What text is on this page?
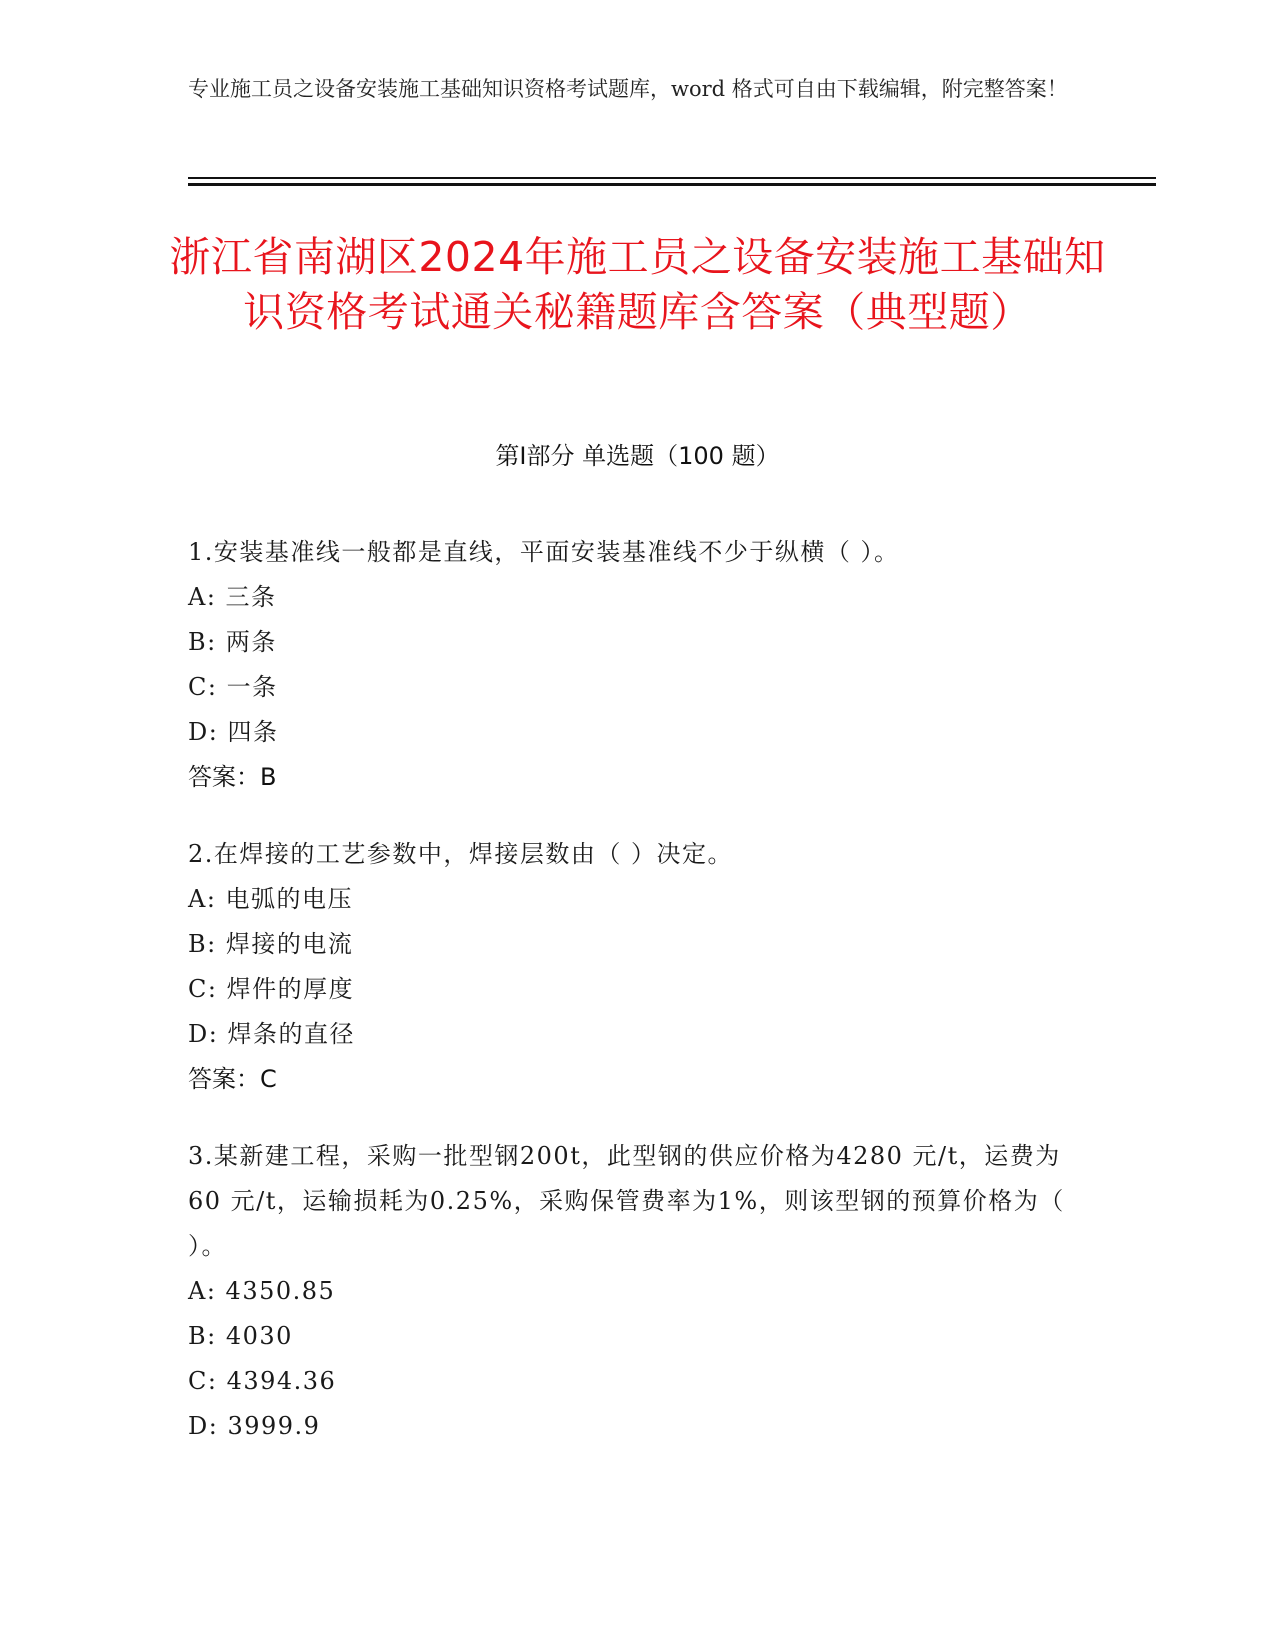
专业施工员之设备安装施工基础知识资格考试题库，word 格式可自由下载编辑，附完整答案！
浙江省南湖区2024年施工员之设备安装施工基础知识资格考试通关秘籍题库含答案（典型题）
第Ⅰ部分 单选题（100 题）
1.安装基准线一般都是直线，平面安装基准线不少于纵横（ ）。
A: 三条
B: 两条
C: 一条
D: 四条
答案：B
2.在焊接的工艺参数中，焊接层数由（ ）决定。
A: 电弧的电压
B: 焊接的电流
C: 焊件的厚度
D: 焊条的直径
答案：C
3.某新建工程，采购一批型钢200t，此型钢的供应价格为4280 元/t，运费为60 元/t，运输损耗为0.25%，采购保管费率为1%，则该型钢的预算价格为（ ）。
A: 4350.85
B: 4030
C: 4394.36
D: 3999.9
